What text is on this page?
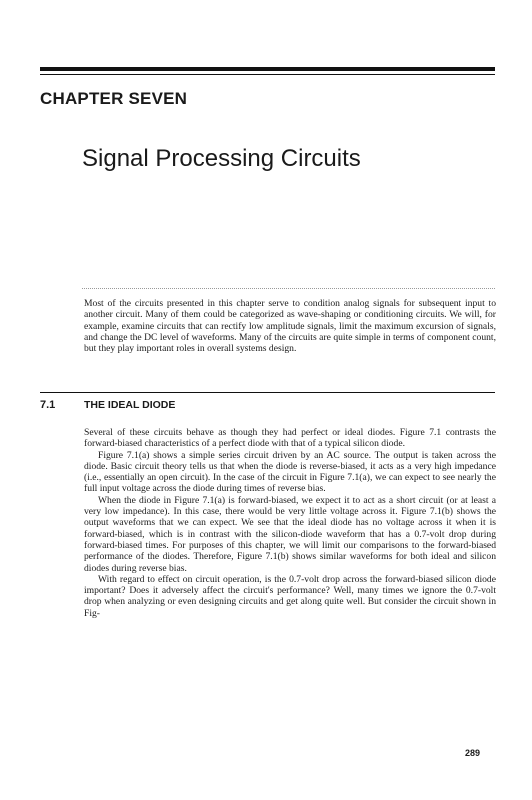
CHAPTER SEVEN
Signal Processing Circuits

Most of the circuits presented in this chapter serve to condition analog signals for subsequent input to another circuit. Many of them could be categorized as wave-shaping or conditioning circuits. We will, for example, examine circuits that can rectify low amplitude signals, limit the maximum excursion of signals, and change the DC level of waveforms. Many of the circuits are quite simple in terms of component count, but they play important roles in overall systems design.

7.1	THE IDEAL DIODE

Several of these circuits behave as though they had perfect or ideal diodes. Figure 7.1 contrasts the forward-biased characteristics of a perfect diode with that of a typical silicon diode.

Figure 7.1(a) shows a simple series circuit driven by an AC source. The output is taken across the diode. Basic circuit theory tells us that when the diode is reverse-biased, it acts as a very high impedance (i.e., essentially an open circuit). In the case of the circuit in Figure 7.1(a), we can expect to see nearly the full input voltage across the diode during times of reverse bias.

When the diode in Figure 7.1(a) is forward-biased, we expect it to act as a short circuit (or at least a very low impedance). In this case, there would be very little voltage across it. Figure 7.1(b) shows the output waveforms that we can expect. We see that the ideal diode has no voltage across it when it is forward-biased, which is in contrast with the silicon-diode waveform that has a 0.7-volt drop during forward-biased times. For purposes of this chapter, we will limit our comparisons to the forward-biased performance of the diodes. Therefore, Figure 7.1(b) shows similar waveforms for both ideal and silicon diodes during reverse bias.

With regard to effect on circuit operation, is the 0.7-volt drop across the forward-biased silicon diode important? Does it adversely affect the circuit's performance? Well, many times we ignore the 0.7-volt drop when analyzing or even designing circuits and get along quite well. But consider the circuit shown in Fig-

289
